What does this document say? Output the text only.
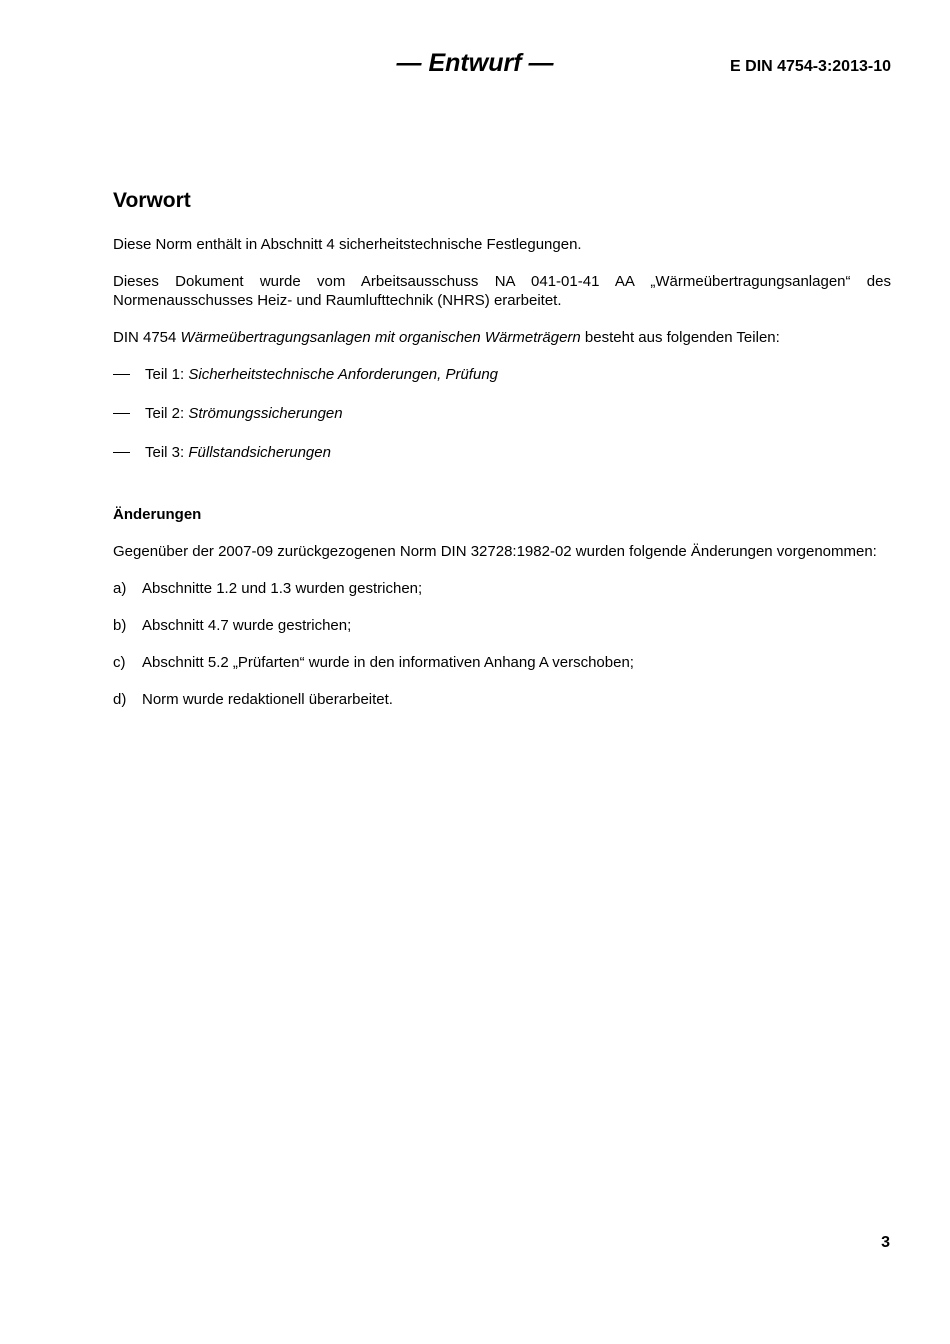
— Entwurf —	E DIN 4754-3:2013-10
Vorwort

Diese Norm enthält in Abschnitt 4 sicherheitstechnische Festlegungen.

Dieses Dokument wurde vom Arbeitsausschuss NA 041-01-41 AA „Wärmeübertragungsanlagen“ des Normenausschusses Heiz- und Raumlufttechnik (NHRS) erarbeitet.

DIN 4754 Wärmeübertragungsanlagen mit organischen Wärmeträgern besteht aus folgenden Teilen:

Teil 1: Sicherheitstechnische Anforderungen, Prüfung
Teil 2: Strömungssicherungen
Teil 3: Füllstandsicherungen
Änderungen

Gegenüber der 2007-09 zurückgezogenen Norm DIN 32728:1982-02 wurden folgende Änderungen vorgenommen:

a)	Abschnitte 1.2 und 1.3 wurden gestrichen;
b)	Abschnitt 4.7 wurde gestrichen;
c)	Abschnitt 5.2 „Prüfarten“ wurde in den informativen Anhang A verschoben;
d)	Norm wurde redaktionell überarbeitet.
3
